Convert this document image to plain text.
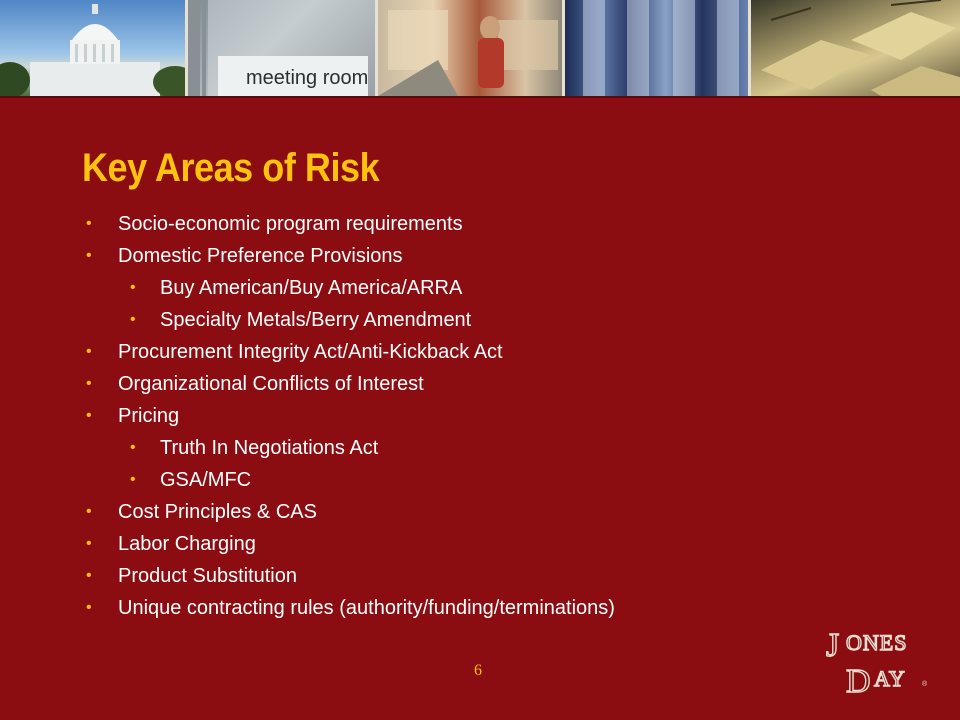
meeting room
Key Areas of Risk
• Socio-economic program requirements
• Domestic Preference Provisions
• Buy American/Buy America/ARRA
• Specialty Metals/Berry Amendment
• Procurement Integrity Act/Anti-Kickback Act
• Organizational Conflicts of Interest
• Pricing
• Truth In Negotiations Act
• GSA/MFC
• Cost Principles & CAS
• Labor Charging
• Product Substitution
• Unique contracting rules (authority/funding/terminations)
6
J ONES
D AY ®
